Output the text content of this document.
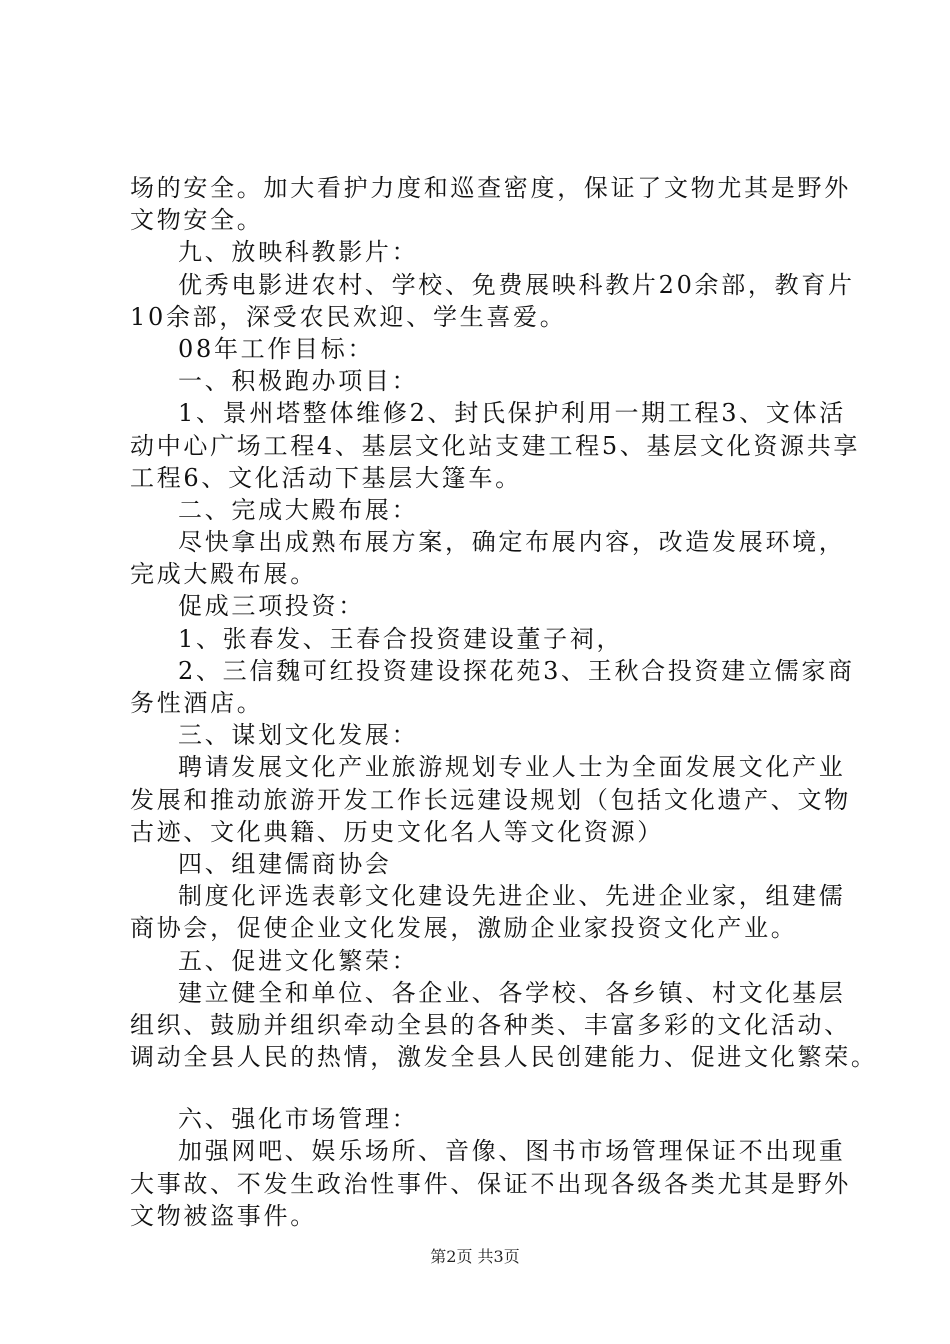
场的安全。加大看护力度和巡查密度，保证了文物尤其是野外
文物安全。
九、放映科教影片：
优秀电影进农村、学校、免费展映科教片20余部，教育片
10余部，深受农民欢迎、学生喜爱。
08年工作目标：
一、积极跑办项目：
1、景州塔整体维修2、封氏保护利用一期工程3、文体活
动中心广场工程4、基层文化站支建工程5、基层文化资源共享
工程6、文化活动下基层大篷车。
二、完成大殿布展：
尽快拿出成熟布展方案，确定布展内容，改造发展环境，
完成大殿布展。
促成三项投资：
1、张春发、王春合投资建设董子祠，
2、三信魏可红投资建设探花苑3、王秋合投资建立儒家商
务性酒店。
三、谋划文化发展：
聘请发展文化产业旅游规划专业人士为全面发展文化产业
发展和推动旅游开发工作长远建设规划（包括文化遗产、文物
古迹、文化典籍、历史文化名人等文化资源）
四、组建儒商协会
制度化评选表彰文化建设先进企业、先进企业家，组建儒
商协会，促使企业文化发展，激励企业家投资文化产业。
五、促进文化繁荣：
建立健全和单位、各企业、各学校、各乡镇、村文化基层
组织、鼓励并组织牵动全县的各种类、丰富多彩的文化活动、
调动全县人民的热情，激发全县人民创建能力、促进文化繁荣。
六、强化市场管理：
加强网吧、娱乐场所、音像、图书市场管理保证不出现重
大事故、不发生政治性事件、保证不出现各级各类尤其是野外
文物被盗事件。
第2页 共3页
